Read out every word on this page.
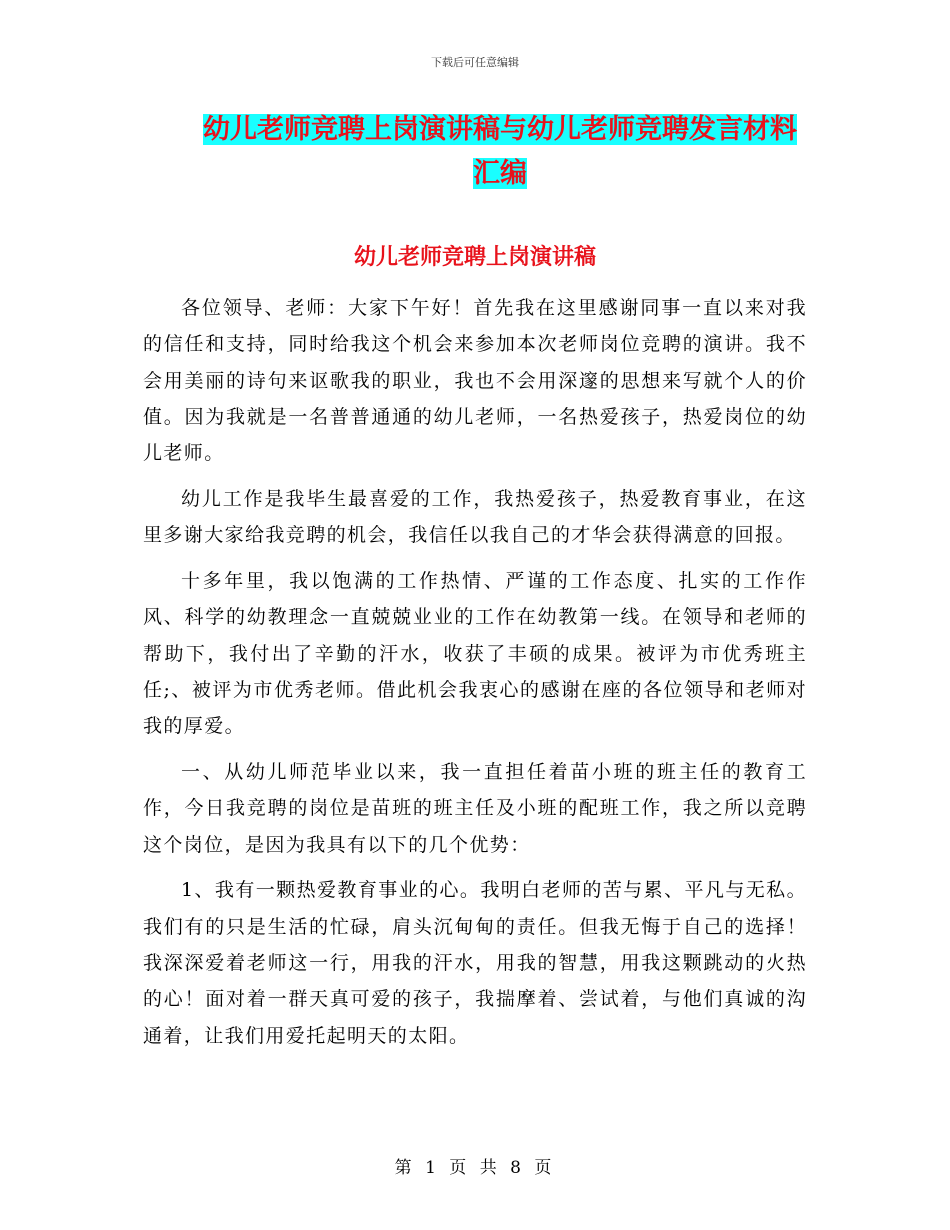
下载后可任意编辑
幼儿老师竞聘上岗演讲稿与幼儿老师竞聘发言材料汇编
幼儿老师竞聘上岗演讲稿

各位领导、老师：大家下午好！首先我在这里感谢同事一直以来对我的信任和支持，同时给我这个机会来参加本次老师岗位竞聘的演讲。我不会用美丽的诗句来讴歌我的职业，我也不会用深邃的思想来写就个人的价值。因为我就是一名普普通通的幼儿老师，一名热爱孩子，热爱岗位的幼儿老师。

幼儿工作是我毕生最喜爱的工作，我热爱孩子，热爱教育事业，在这里多谢大家给我竞聘的机会，我信任以我自己的才华会获得满意的回报。

十多年里，我以饱满的工作热情、严谨的工作态度、扎实的工作作风、科学的幼教理念一直兢兢业业的工作在幼教第一线。在领导和老师的帮助下，我付出了辛勤的汗水，收获了丰硕的成果。被评为市优秀班主任;、被评为市优秀老师。借此机会我衷心的感谢在座的各位领导和老师对我的厚爱。

一、从幼儿师范毕业以来，我一直担任着苗小班的班主任的教育工作，今日我竞聘的岗位是苗班的班主任及小班的配班工作，我之所以竞聘这个岗位，是因为我具有以下的几个优势：

1、我有一颗热爱教育事业的心。我明白老师的苦与累、平凡与无私。我们有的只是生活的忙碌，肩头沉甸甸的责任。但我无悔于自己的选择！我深深爱着老师这一行，用我的汗水，用我的智慧，用我这颗跳动的火热的心！面对着一群天真可爱的孩子，我揣摩着、尝试着，与他们真诚的沟通着，让我们用爱托起明天的太阳。

第 1 页 共 8 页
